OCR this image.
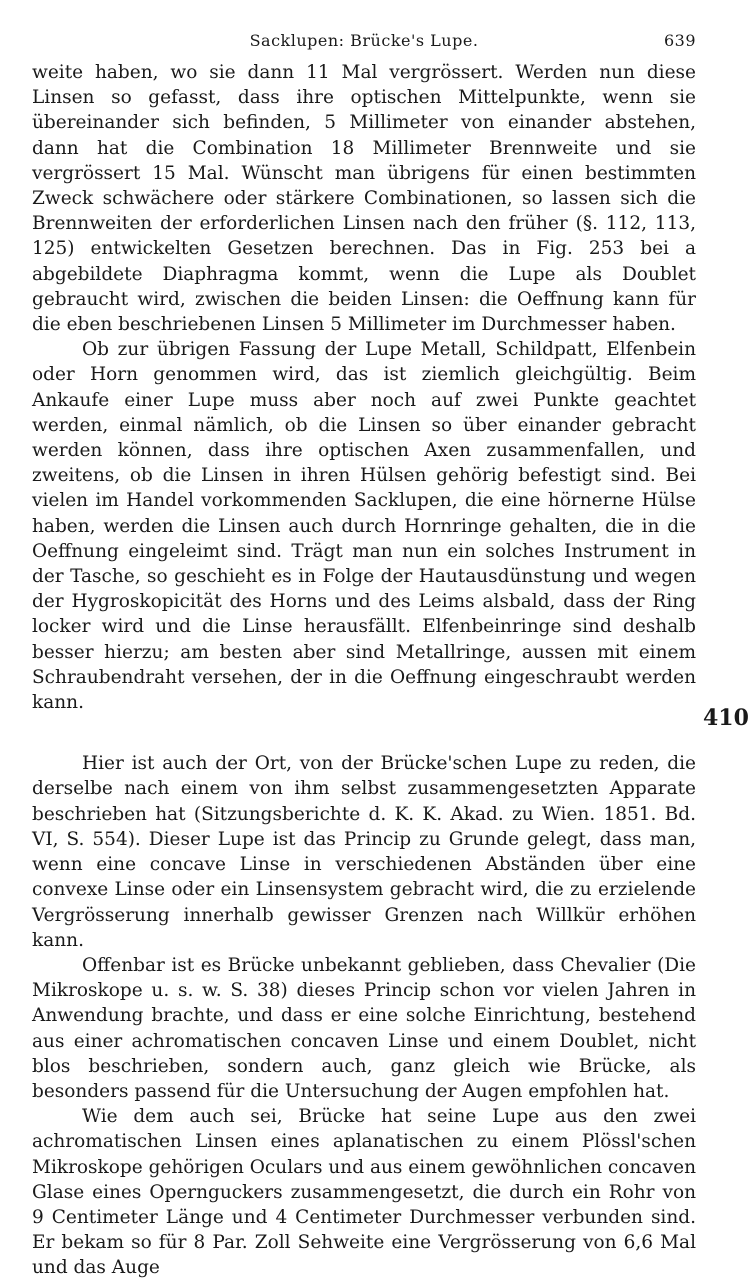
Sacklupen: Brücke's Lupe.	639
410

weite haben, wo sie dann 11 Mal vergrössert. Werden nun diese Linsen so gefasst, dass ihre optischen Mittelpunkte, wenn sie übereinander sich befinden, 5 Millimeter von einander abstehen, dann hat die Combination 18 Millimeter Brennweite und sie vergrössert 15 Mal. Wünscht man übrigens für einen bestimmten Zweck schwächere oder stärkere Combinationen, so lassen sich die Brennweiten der erforderlichen Linsen nach den früher (§. 112, 113, 125) entwickelten Gesetzen berechnen. Das in Fig. 253 bei a abgebildete Diaphragma kommt, wenn die Lupe als Doublet gebraucht wird, zwischen die beiden Linsen: die Oeffnung kann für die eben beschriebenen Linsen 5 Millimeter im Durchmesser haben.

Ob zur übrigen Fassung der Lupe Metall, Schildpatt, Elfenbein oder Horn genommen wird, das ist ziemlich gleichgültig. Beim Ankaufe einer Lupe muss aber noch auf zwei Punkte geachtet werden, einmal nämlich, ob die Linsen so über einander gebracht werden können, dass ihre optischen Axen zusammenfallen, und zweitens, ob die Linsen in ihren Hülsen gehörig befestigt sind. Bei vielen im Handel vorkommenden Sacklupen, die eine hörnerne Hülse haben, werden die Linsen auch durch Hornringe gehalten, die in die Oeffnung eingeleimt sind. Trägt man nun ein solches Instrument in der Tasche, so geschieht es in Folge der Hautausdünstung und wegen der Hygroskopicität des Horns und des Leims alsbald, dass der Ring locker wird und die Linse herausfällt. Elfenbeinringe sind deshalb besser hierzu; am besten aber sind Metallringe, aussen mit einem Schraubendraht versehen, der in die Oeffnung eingeschraubt werden kann.

Hier ist auch der Ort, von der Brücke'schen Lupe zu reden, die derselbe nach einem von ihm selbst zusammengesetzten Apparate beschrieben hat (Sitzungsberichte d. K. K. Akad. zu Wien. 1851. Bd. VI, S. 554). Dieser Lupe ist das Princip zu Grunde gelegt, dass man, wenn eine concave Linse in verschiedenen Abständen über eine convexe Linse oder ein Linsensystem gebracht wird, die zu erzielende Vergrösserung innerhalb gewisser Grenzen nach Willkür erhöhen kann.

Offenbar ist es Brücke unbekannt geblieben, dass Chevalier (Die Mikroskope u. s. w. S. 38) dieses Princip schon vor vielen Jahren in Anwendung brachte, und dass er eine solche Einrichtung, bestehend aus einer achromatischen concaven Linse und einem Doublet, nicht blos beschrieben, sondern auch, ganz gleich wie Brücke, als besonders passend für die Untersuchung der Augen empfohlen hat.

Wie dem auch sei, Brücke hat seine Lupe aus den zwei achromatischen Linsen eines aplanatischen zu einem Plössl'schen Mikroskope gehörigen Oculars und aus einem gewöhnlichen concaven Glase eines Opernguckers zusammengesetzt, die durch ein Rohr von 9 Centimeter Länge und 4 Centimeter Durchmesser verbunden sind. Er bekam so für 8 Par. Zoll Sehweite eine Vergrösserung von 6,6 Mal und das Auge
